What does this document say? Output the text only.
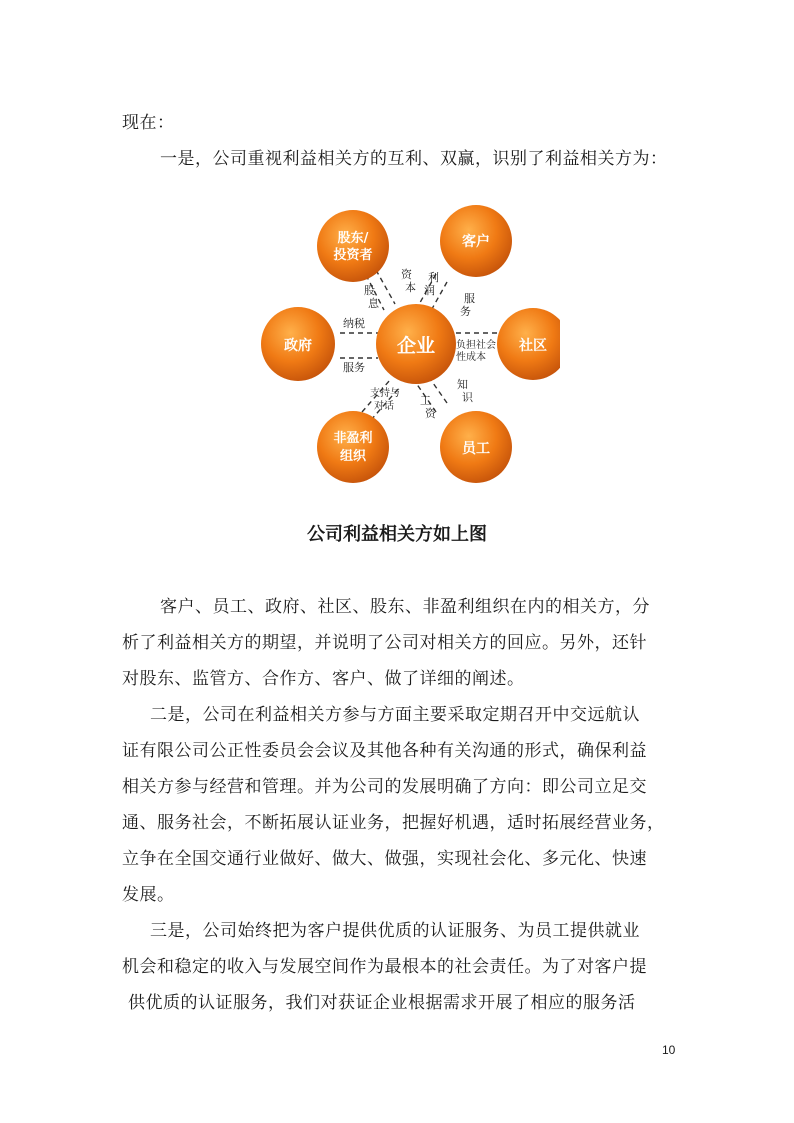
现在：
一是，公司重视利益相关方的互利、双赢，识别了利益相关方为：
股东/
投资者
客户
政府	企业	社区
非盈利
组织	员工
股
息
资
本
利
润
服
务
纳税
服务
负担社会
性成本
支持与
对话 工
资
知
识
公司利益相关方如上图
客户、员工、政府、社区、股东、非盈利组织在内的相关方，分
析了利益相关方的期望，并说明了公司对相关方的回应。另外，还针
对股东、监管方、合作方、客户、做了详细的阐述。
二是，公司在利益相关方参与方面主要采取定期召开中交远航认
证有限公司公正性委员会会议及其他各种有关沟通的形式，确保利益
相关方参与经营和管理。并为公司的发展明确了方向：即公司立足交
通、服务社会，不断拓展认证业务，把握好机遇，适时拓展经营业务，
立争在全国交通行业做好、做大、做强，实现社会化、多元化、快速
发展。
三是，公司始终把为客户提供优质的认证服务、为员工提供就业
机会和稳定的收入与发展空间作为最根本的社会责任。为了对客户提
供优质的认证服务，我们对获证企业根据需求开展了相应的服务活
10
